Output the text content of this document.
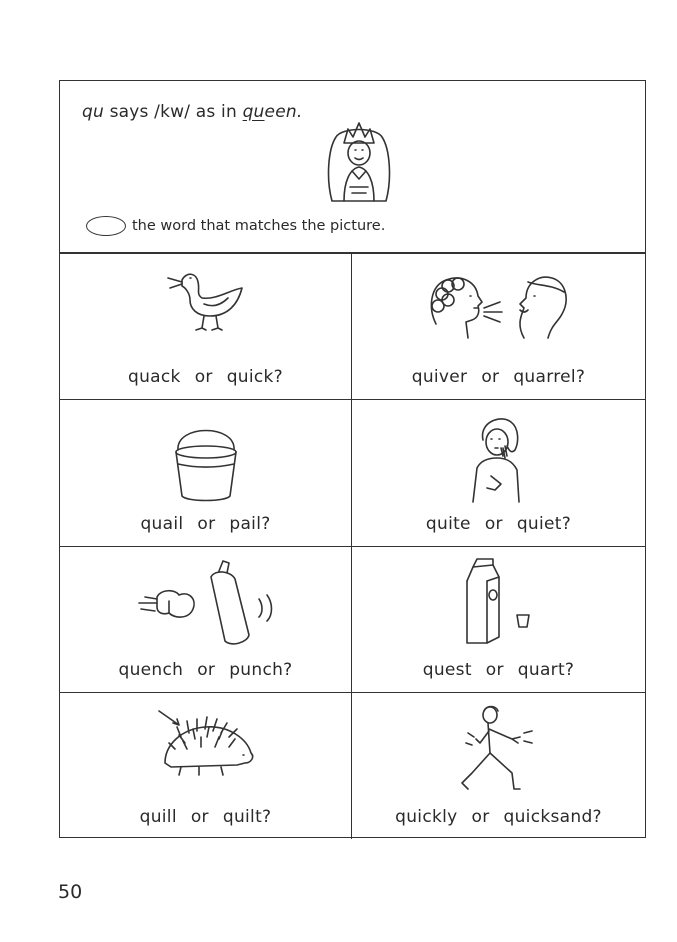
qu says /kw/ as in queen.
the word that matches the picture.
quack or quick?	quiver or quarrel?
quail or pail?	quite or quiet?
quench or punch?	quest or quart?
quill or quilt?	quickly or quicksand?
50
